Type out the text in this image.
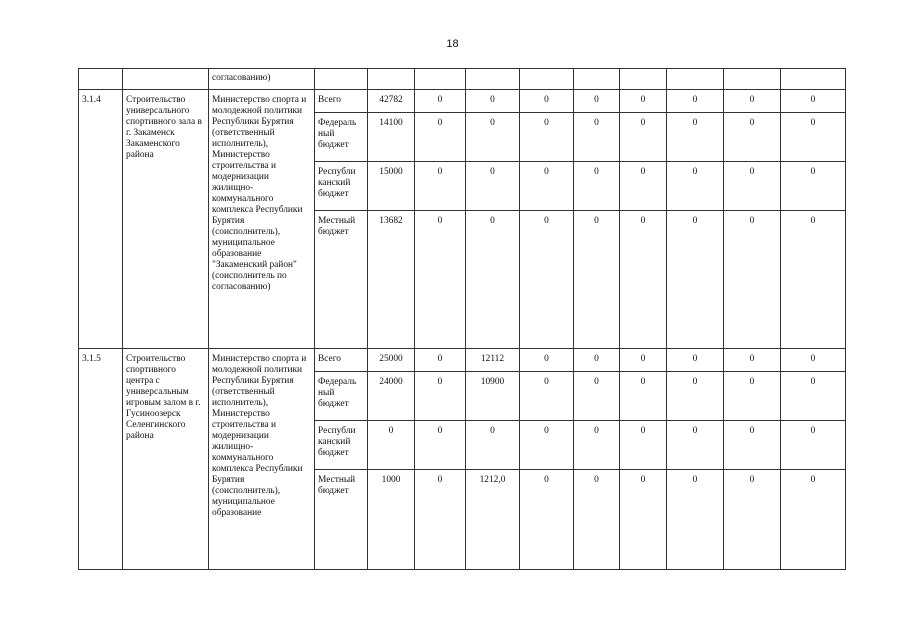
18
		согласованию)										
3.1.4	Строительство универсального спортивного зала в г. Закаменск Закаменского района	Министерство спорта и молодежной политики Республики Бурятия (ответственный исполнитель), Министерство строительства и модернизации жилищно-коммунального комплекса Республики Бурятия (соисполнитель), муниципальное образование "Закаменский район" (соисполнитель по согласованию)	Всего	42782	0	0	0	0	0	0	0	0
			Федераль ный бюджет	14100	0	0	0	0	0	0	0	0
			Республи канский бюджет	15000	0	0	0	0	0	0	0	0
			Местный бюджет	13682	0	0	0	0	0	0	0	0
3.1.5	Строительство спортивного центра с универсальным игровым залом в г. Гусиноозерск Селенгинского района	Министерство спорта и молодежной политики Республики Бурятия (ответственный исполнитель), Министерство строительства и модернизации жилищно-коммунального комплекса Республики Бурятия (соисполнитель), муниципальное образование	Всего	25000	0	12112	0	0	0	0	0	0
			Федераль ный бюджет	24000	0	10900	0	0	0	0	0	0
			Республи канский бюджет	0	0	0	0	0	0	0	0	0
			Местный бюджет	1000	0	1212,0	0	0	0	0	0	0
